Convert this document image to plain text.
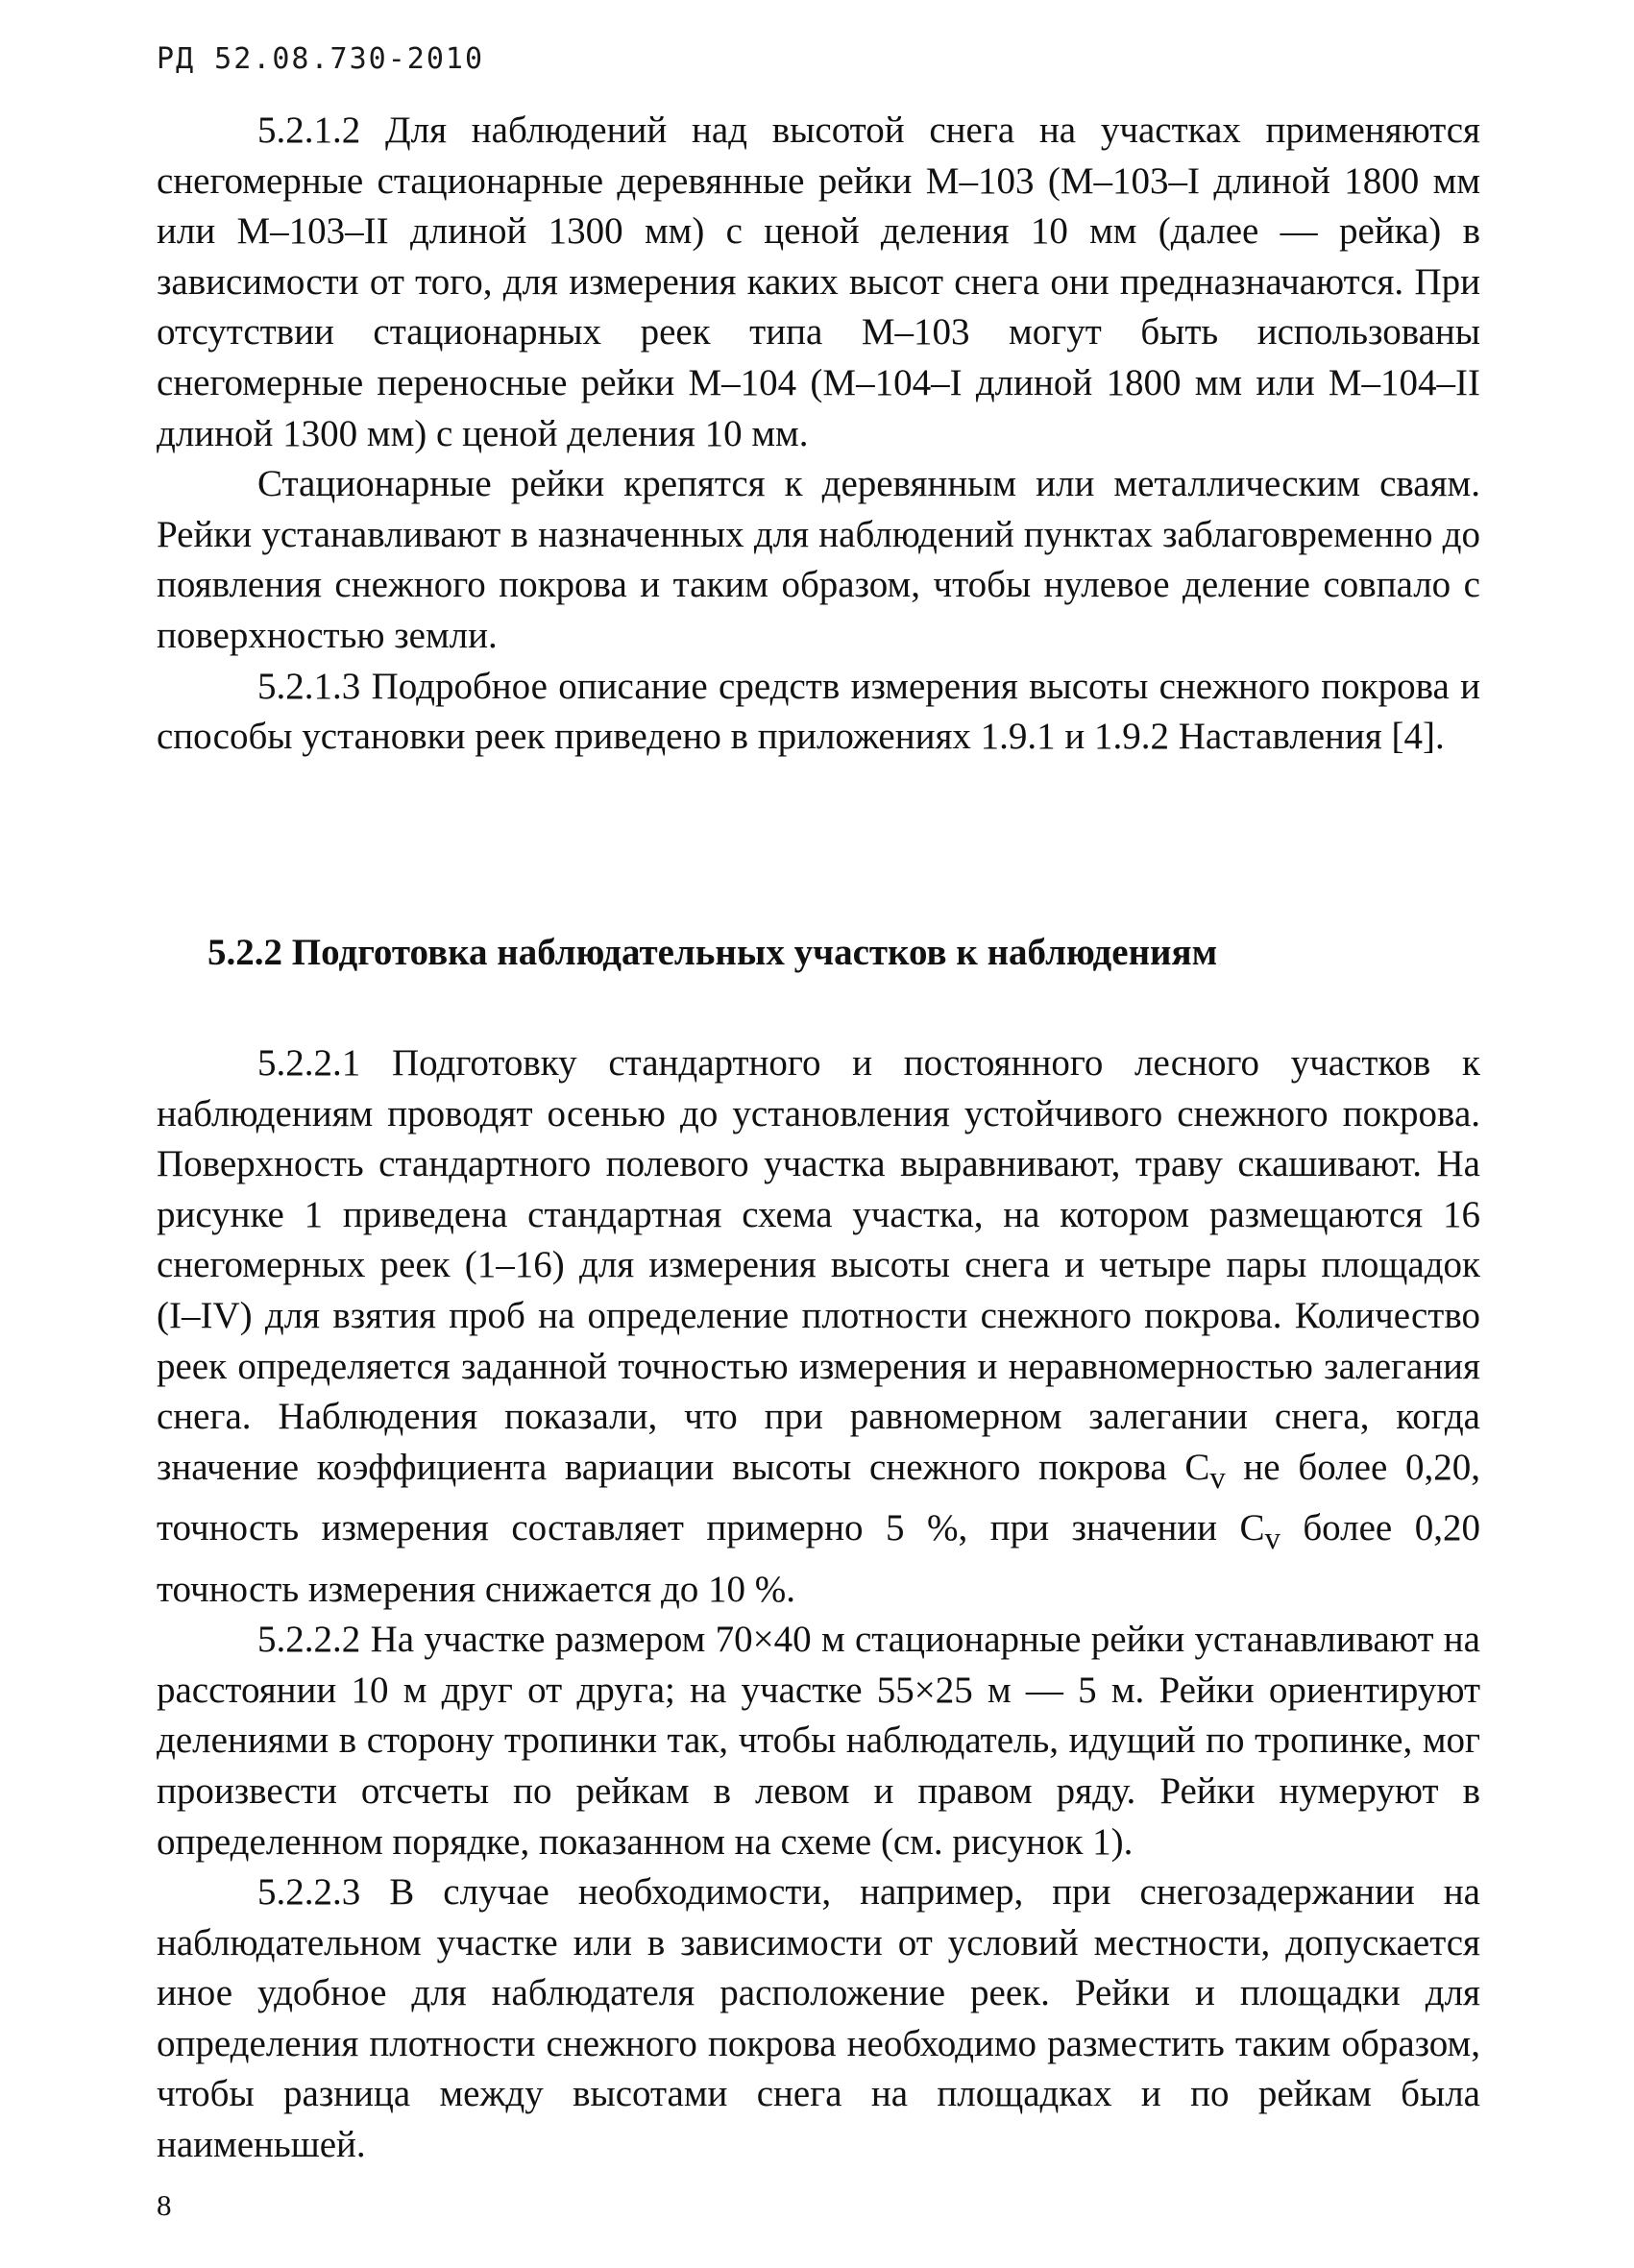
РД 52.08.730-2010

5.2.1.2 Для наблюдений над высотой снега на участках применяются снегомерные стационарные деревянные рейки М–103 (М–103–I длиной 1800 мм или М–103–II длиной 1300 мм) с ценой деления 10 мм (далее — рейка) в зависимости от того, для измерения каких высот снега они предназначаются. При отсутствии стационарных реек типа М–103 могут быть использованы снегомерные переносные рейки М–104 (М–104–I длиной 1800 мм или М–104–II длиной 1300 мм) с ценой деления 10 мм.

Стационарные рейки крепятся к деревянным или металлическим сваям. Рейки устанавливают в назначенных для наблюдений пунктах заблаговременно до появления снежного покрова и таким образом, чтобы нулевое деление совпало с поверхностью земли.

5.2.1.3 Подробное описание средств измерения высоты снежного покрова и способы установки реек приведено в приложениях 1.9.1 и 1.9.2 Наставления [4].

5.2.2 Подготовка наблюдательных участков к наблюдениям

5.2.2.1 Подготовку стандартного и постоянного лесного участков к наблюдениям проводят осенью до установления устойчивого снежного покрова. Поверхность стандартного полевого участка выравнивают, траву скашивают. На рисунке 1 приведена стандартная схема участка, на котором размещаются 16 снегомерных реек (1–16) для измерения высоты снега и четыре пары площадок (I–IV) для взятия проб на определение плотности снежного покрова. Количество реек определяется заданной точностью измерения и неравномерностью залегания снега. Наблюдения показали, что при равномерном залегании снега, когда значение коэффициента вариации высоты снежного покрова $C_v$ не более 0,20, точность измерения составляет примерно 5 %, при значении $C_v$ более 0,20 точность измерения снижается до 10 %.

5.2.2.2 На участке размером 70×40 м стационарные рейки устанавливают на расстоянии 10 м друг от друга; на участке 55×25 м — 5 м. Рейки ориентируют делениями в сторону тропинки так, чтобы наблюдатель, идущий по тропинке, мог произвести отсчеты по рейкам в левом и правом ряду. Рейки нумеруют в определенном порядке, показанном на схеме (см. рисунок 1).

5.2.2.3 В случае необходимости, например, при снегозадержании на наблюдательном участке или в зависимости от условий местности, допускается иное удобное для наблюдателя расположение реек. Рейки и площадки для определения плотности снежного покрова необходимо разместить таким образом, чтобы разница между высотами снега на площадках и по рейкам была наименьшей.

8
